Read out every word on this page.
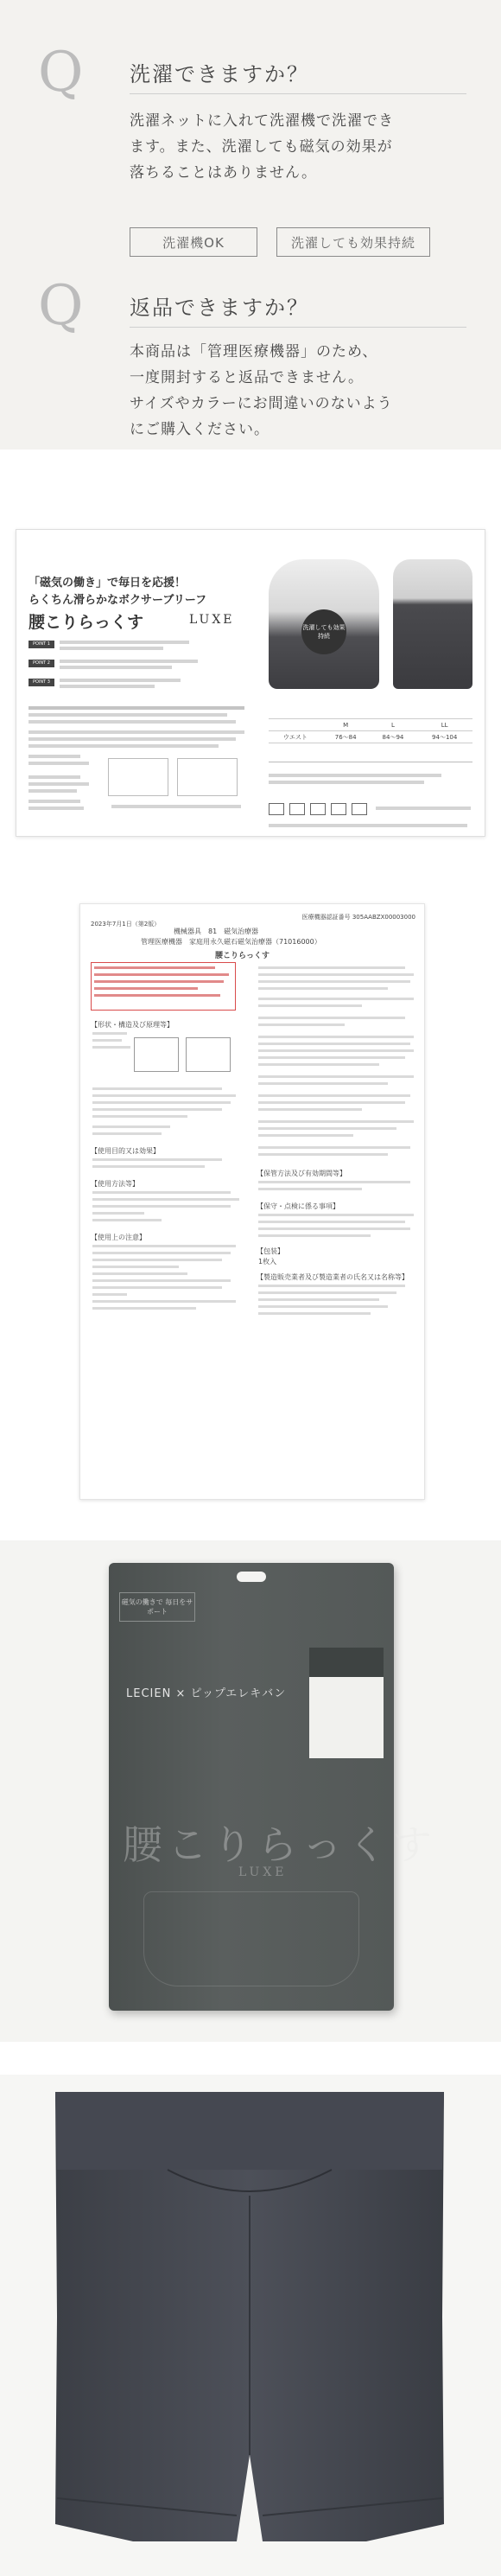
Q 洗濯できますか？
洗濯ネットに入れて洗濯機で洗濯でき
ます。また、洗濯しても磁気の効果が
落ちることはありません。
洗濯機OK	洗濯しても効果持続
Q 返品できますか？
本商品は「管理医療機器」のため、
一度開封すると返品できません。
サイズやカラーにお間違いのないよう
にご購入ください。
「磁気の働き」で毎日を応援！
らくちん滑らかなボクサーブリーフ
腰こりらっくす	LUXE
POINT 1
POINT 2
POINT 3
洗濯しても効果持続
	M	L	LL
ウエスト	76〜84	84〜94	94〜104
医療機器認証番号 305AABZX00003000
2023年7月1日（第2版）
機械器具　81　磁気治療器
管理医療機器　家庭用永久磁石磁気治療器（71016000）
腰こりらっくす
【形状・構造及び原理等】
【使用目的又は効果】
【使用方法等】
【使用上の注意】
【保管方法及び有効期間等】
【保守・点検に係る事項】
【包装】
1枚入
【製造販売業者及び製造業者の氏名又は名称等】
磁気の働きで 毎日をサポート
LECIEN × ピップエレキバン
腰こりらっくす
LUXE
